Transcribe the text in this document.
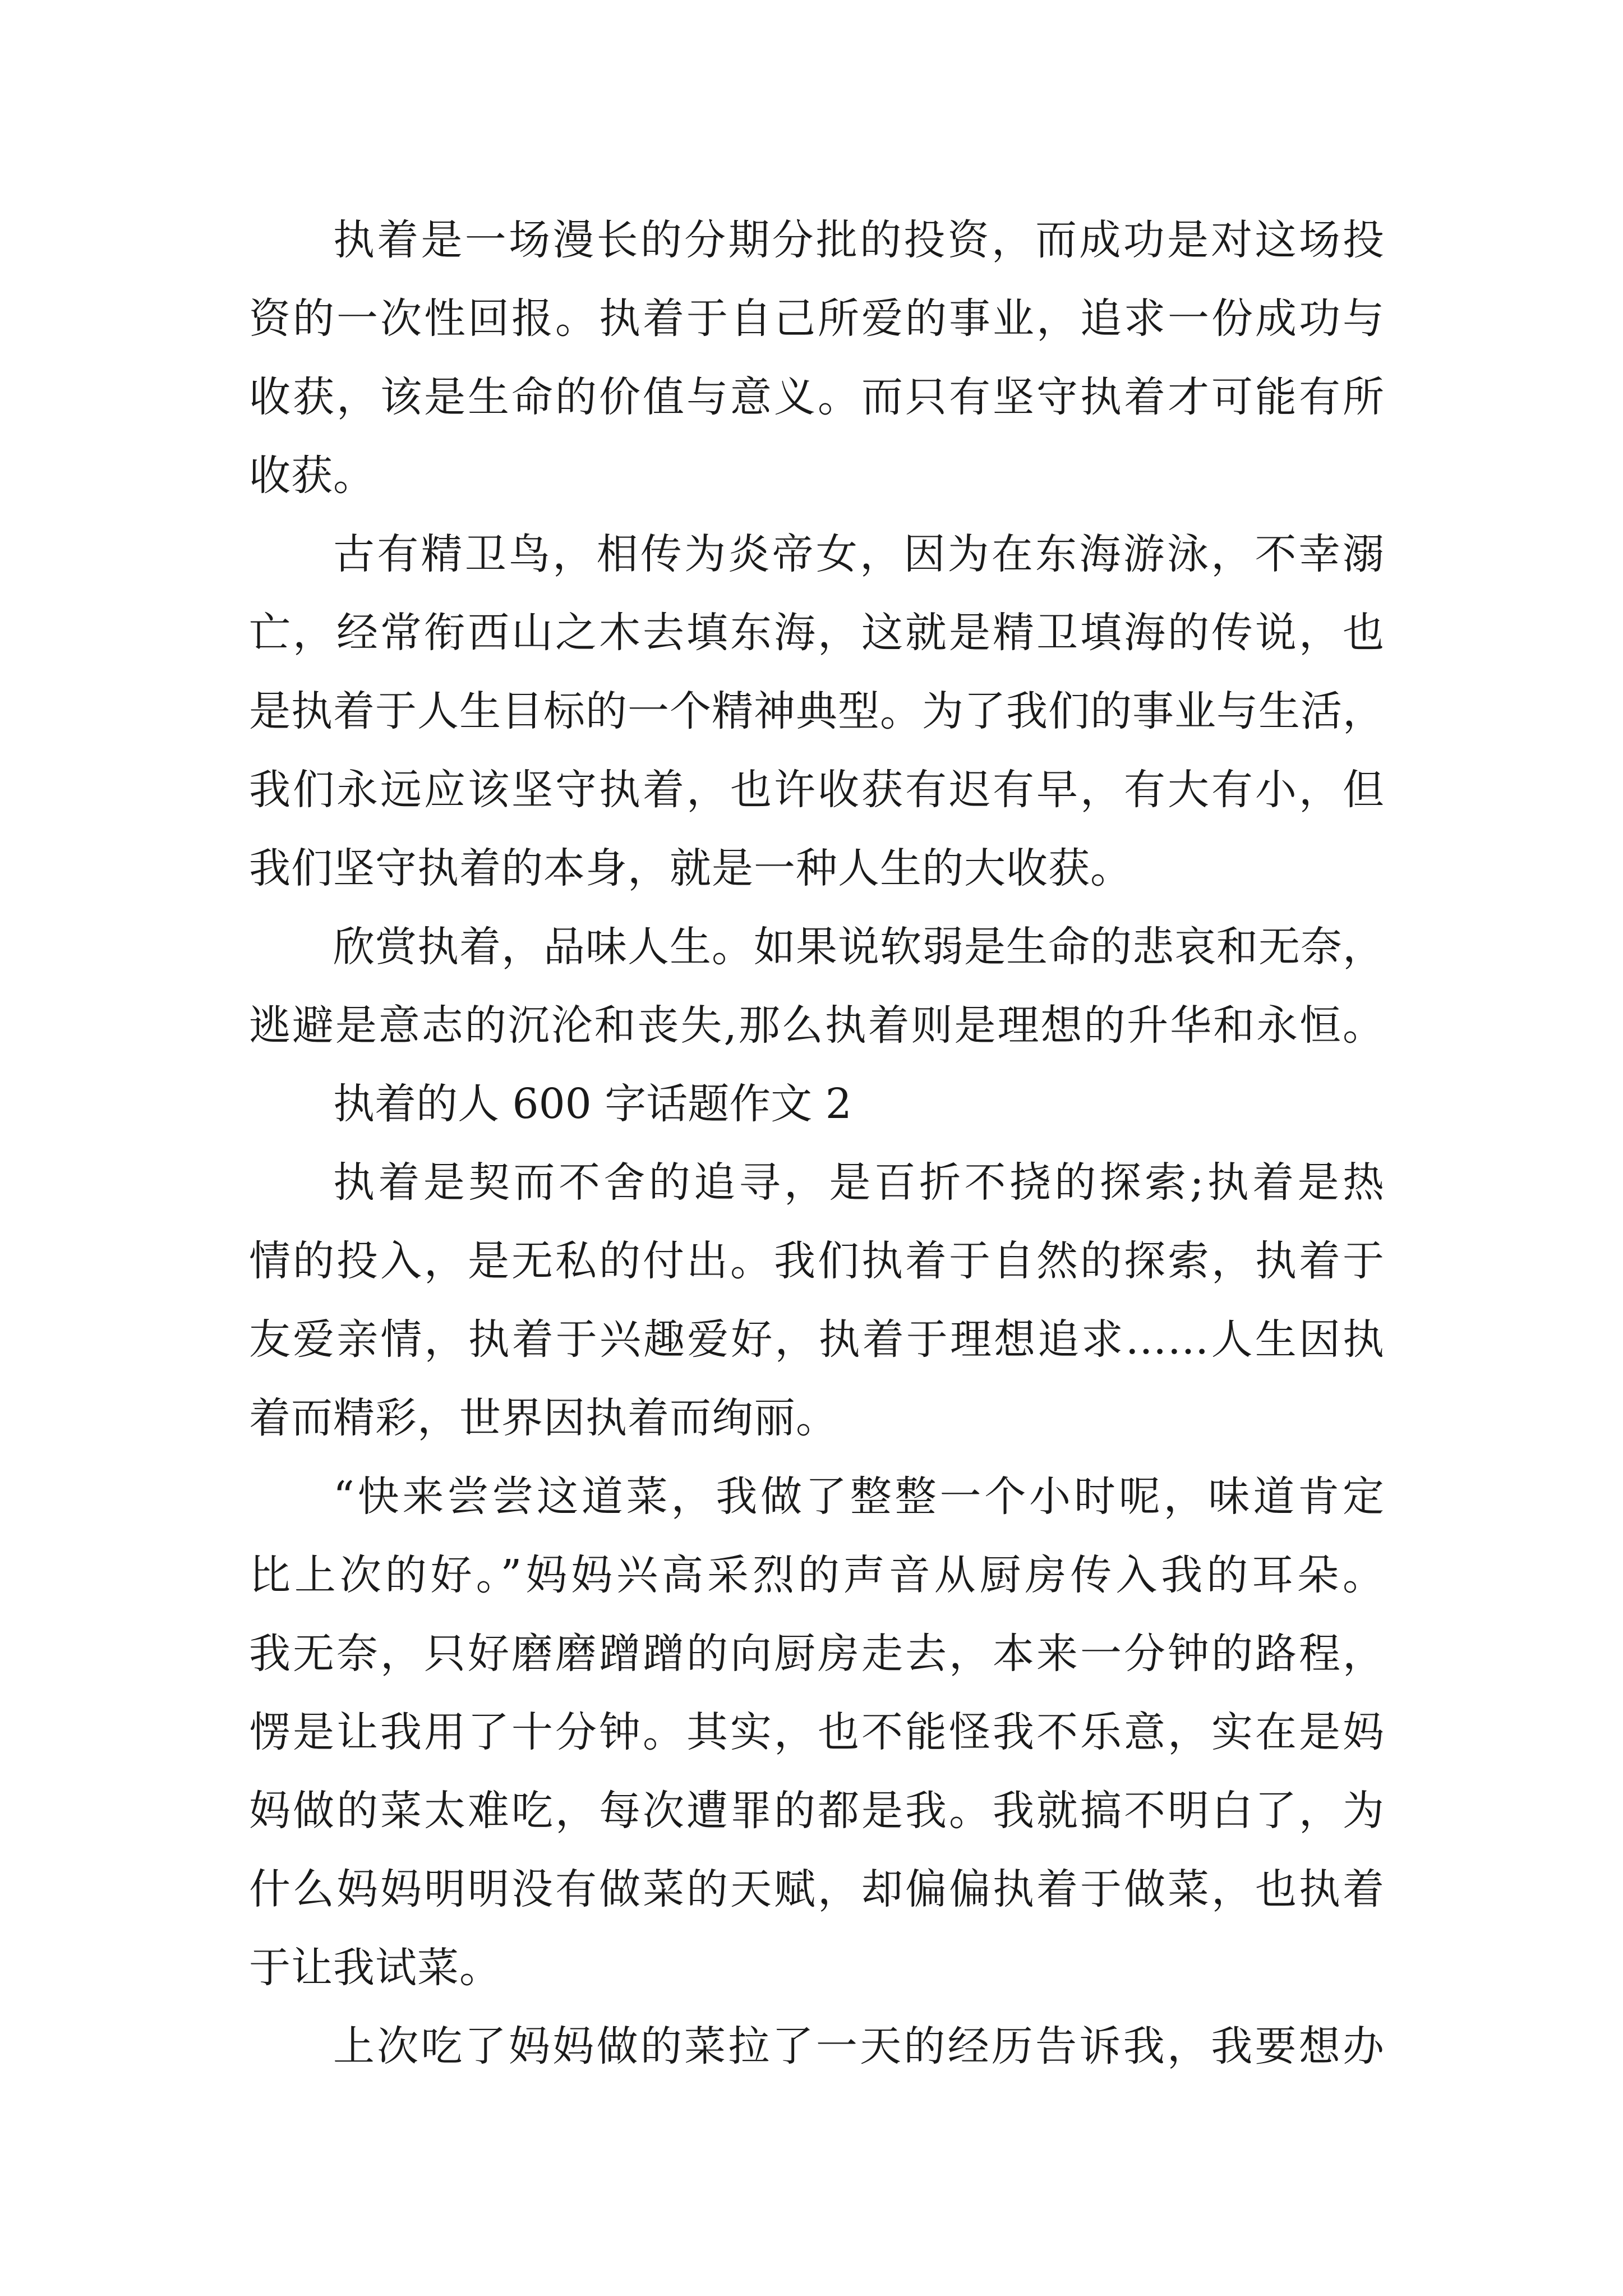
执着是一场漫长的分期分批的投资，而成功是对这场投
资的一次性回报。执着于自己所爱的事业，追求一份成功与
收获，该是生命的价值与意义。而只有坚守执着才可能有所
收获。
古有精卫鸟，相传为炎帝女，因为在东海游泳，不幸溺
亡，经常衔西山之木去填东海，这就是精卫填海的传说，也
是执着于人生目标的一个精神典型。为了我们的事业与生活，
我们永远应该坚守执着，也许收获有迟有早，有大有小，但
我们坚守执着的本身，就是一种人生的大收获。
欣赏执着，品味人生。如果说软弱是生命的悲哀和无奈，
逃避是意志的沉沦和丧失,那么执着则是理想的升华和永恒。
执着的人 600 字话题作文 2
执着是契而不舍的追寻，是百折不挠的探索;执着是热
情的投入，是无私的付出。我们执着于自然的探索，执着于
友爱亲情，执着于兴趣爱好，执着于理想追求……人生因执
着而精彩，世界因执着而绚丽。
“快来尝尝这道菜，我做了整整一个小时呢，味道肯定
比上次的好。”妈妈兴高采烈的声音从厨房传入我的耳朵。
我无奈，只好磨磨蹭蹭的向厨房走去，本来一分钟的路程，
愣是让我用了十分钟。其实，也不能怪我不乐意，实在是妈
妈做的菜太难吃，每次遭罪的都是我。我就搞不明白了，为
什么妈妈明明没有做菜的天赋，却偏偏执着于做菜，也执着
于让我试菜。
上次吃了妈妈做的菜拉了一天的经历告诉我，我要想办
